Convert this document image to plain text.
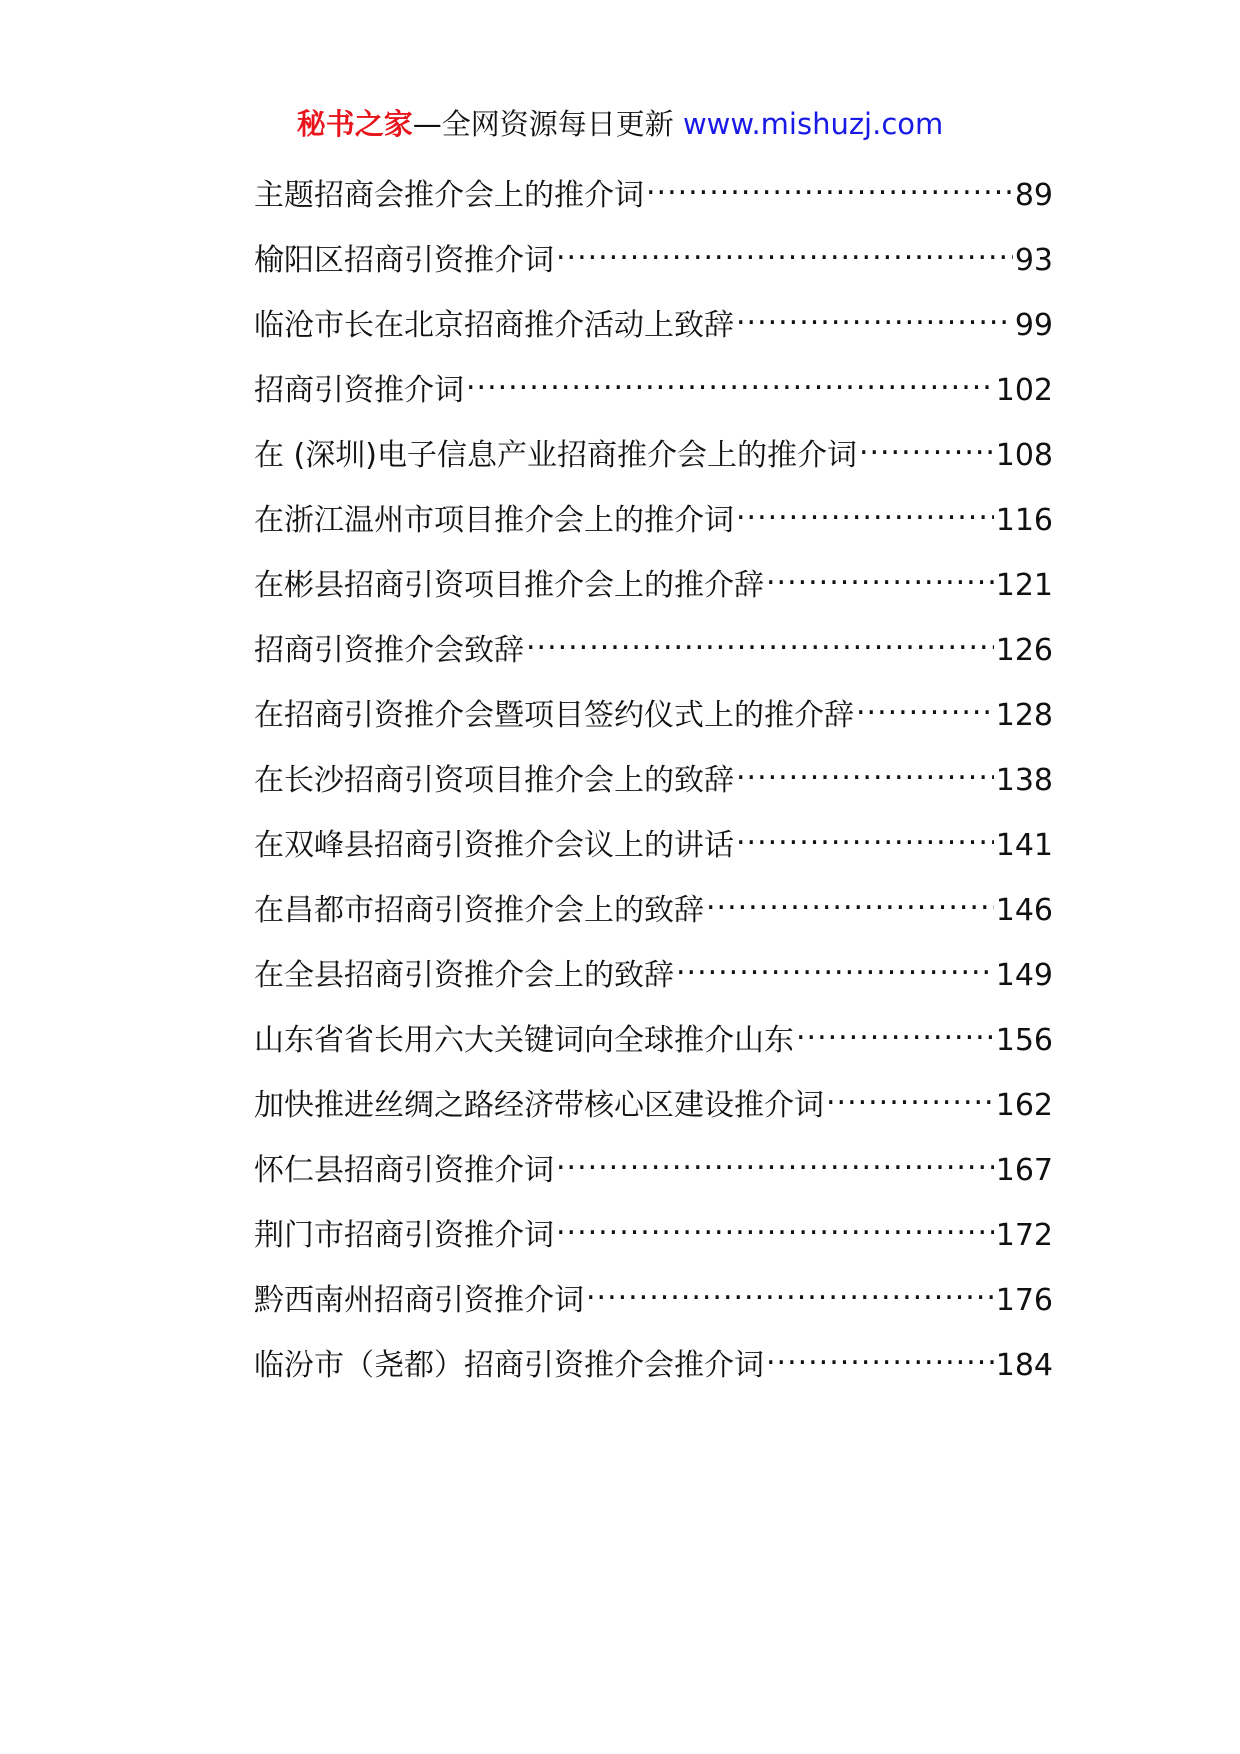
秘书之家—全网资源每日更新 www.mishuzj.com
主题招商会推介会上的推介词 .....	89
榆阳区招商引资推介词 .....	93
临沧市长在北京招商推介活动上致辞 .....	99
招商引资推介词 .....	102
在 (深圳)电子信息产业招商推介会上的推介词 .....	108
在浙江温州市项目推介会上的推介词 .....	116
在彬县招商引资项目推介会上的推介辞 .....	121
招商引资推介会致辞 .....	126
在招商引资推介会暨项目签约仪式上的推介辞 .....	128
在长沙招商引资项目推介会上的致辞 .....	138
在双峰县招商引资推介会议上的讲话 .....	141
在昌都市招商引资推介会上的致辞 .....	146
在全县招商引资推介会上的致辞 .....	149
山东省省长用六大关键词向全球推介山东 .....	156
加快推进丝绸之路经济带核心区建设推介词 .....	162
怀仁县招商引资推介词 .....	167
荆门市招商引资推介词 .....	172
黔西南州招商引资推介词 .....	176
临汾市（尧都）招商引资推介会推介词 .....	184
